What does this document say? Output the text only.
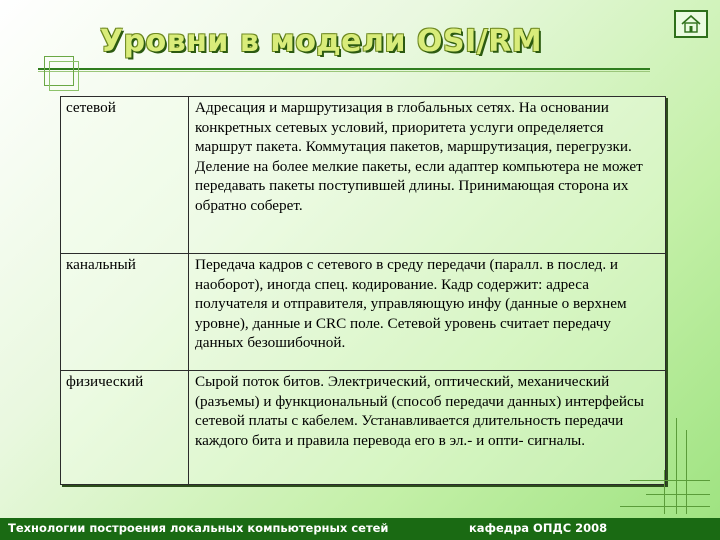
Уровни в модели OSI/RM
сетевой	Адресация и маршрутизация в глобальных сетях. На основании конкретных сетевых условий, приоритета услуги определяется маршрут пакета. Коммутация пакетов, маршрутизация, перегрузки. Деление на более мелкие пакеты, если адаптер компьютера не может передавать пакеты поступившей длины. Принимающая сторона их обратно соберет.
канальный	Передача кадров с сетевого в среду передачи (паралл. в послед. и наоборот), иногда спец. кодирование. Кадр содержит: адреса получателя и отправителя, управляющую инфу (данные о верхнем уровне), данные и CRC поле. Сетевой уровень считает передачу данных безошибочной.
физический	Сырой поток битов. Электрический, оптический, механический (разъемы) и функциональный (способ передачи данных) интерфейсы сетевой платы с кабелем. Устанавливается длительность передачи каждого бита и правила перевода его в эл.- и опти- сигналы.
Технологии построения локальных компьютерных сетей	кафедра ОПДС 2008
